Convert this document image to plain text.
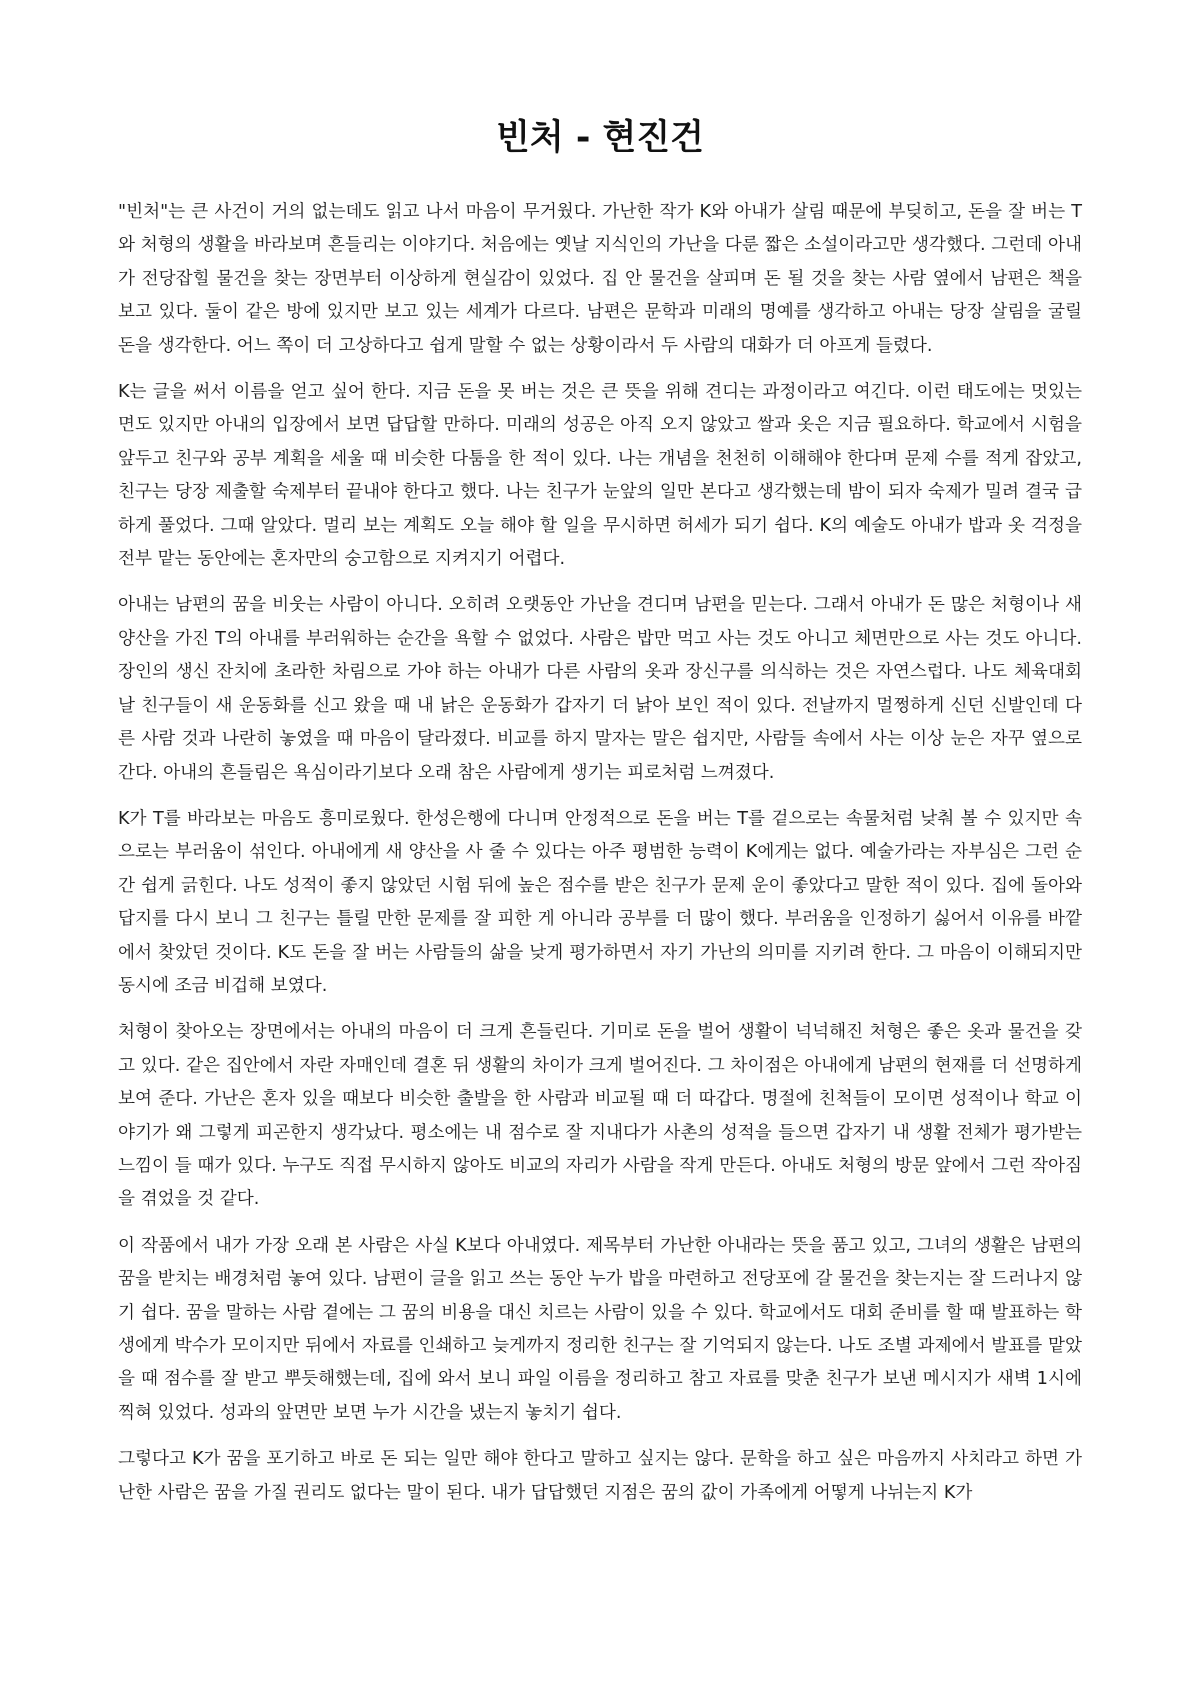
빈처 - 현진건

"빈처"는 큰 사건이 거의 없는데도 읽고 나서 마음이 무거웠다. 가난한 작가 K와 아내가 살림 때문에 부딪히고, 돈을 잘 버는 T와 처형의 생활을 바라보며 흔들리는 이야기다. 처음에는 옛날 지식인의 가난을 다룬 짧은 소설이라고만 생각했다. 그런데 아내가 전당잡힐 물건을 찾는 장면부터 이상하게 현실감이 있었다. 집 안 물건을 살피며 돈 될 것을 찾는 사람 옆에서 남편은 책을 보고 있다. 둘이 같은 방에 있지만 보고 있는 세계가 다르다. 남편은 문학과 미래의 명예를 생각하고 아내는 당장 살림을 굴릴 돈을 생각한다. 어느 쪽이 더 고상하다고 쉽게 말할 수 없는 상황이라서 두 사람의 대화가 더 아프게 들렸다.

K는 글을 써서 이름을 얻고 싶어 한다. 지금 돈을 못 버는 것은 큰 뜻을 위해 견디는 과정이라고 여긴다. 이런 태도에는 멋있는 면도 있지만 아내의 입장에서 보면 답답할 만하다. 미래의 성공은 아직 오지 않았고 쌀과 옷은 지금 필요하다. 학교에서 시험을 앞두고 친구와 공부 계획을 세울 때 비슷한 다툼을 한 적이 있다. 나는 개념을 천천히 이해해야 한다며 문제 수를 적게 잡았고, 친구는 당장 제출할 숙제부터 끝내야 한다고 했다. 나는 친구가 눈앞의 일만 본다고 생각했는데 밤이 되자 숙제가 밀려 결국 급하게 풀었다. 그때 알았다. 멀리 보는 계획도 오늘 해야 할 일을 무시하면 허세가 되기 쉽다. K의 예술도 아내가 밥과 옷 걱정을 전부 맡는 동안에는 혼자만의 숭고함으로 지켜지기 어렵다.

아내는 남편의 꿈을 비웃는 사람이 아니다. 오히려 오랫동안 가난을 견디며 남편을 믿는다. 그래서 아내가 돈 많은 처형이나 새 양산을 가진 T의 아내를 부러워하는 순간을 욕할 수 없었다. 사람은 밥만 먹고 사는 것도 아니고 체면만으로 사는 것도 아니다. 장인의 생신 잔치에 초라한 차림으로 가야 하는 아내가 다른 사람의 옷과 장신구를 의식하는 것은 자연스럽다. 나도 체육대회 날 친구들이 새 운동화를 신고 왔을 때 내 낡은 운동화가 갑자기 더 낡아 보인 적이 있다. 전날까지 멀쩡하게 신던 신발인데 다른 사람 것과 나란히 놓였을 때 마음이 달라졌다. 비교를 하지 말자는 말은 쉽지만, 사람들 속에서 사는 이상 눈은 자꾸 옆으로 간다. 아내의 흔들림은 욕심이라기보다 오래 참은 사람에게 생기는 피로처럼 느껴졌다.

K가 T를 바라보는 마음도 흥미로웠다. 한성은행에 다니며 안정적으로 돈을 버는 T를 겉으로는 속물처럼 낮춰 볼 수 있지만 속으로는 부러움이 섞인다. 아내에게 새 양산을 사 줄 수 있다는 아주 평범한 능력이 K에게는 없다. 예술가라는 자부심은 그런 순간 쉽게 긁힌다. 나도 성적이 좋지 않았던 시험 뒤에 높은 점수를 받은 친구가 문제 운이 좋았다고 말한 적이 있다. 집에 돌아와 답지를 다시 보니 그 친구는 틀릴 만한 문제를 잘 피한 게 아니라 공부를 더 많이 했다. 부러움을 인정하기 싫어서 이유를 바깥에서 찾았던 것이다. K도 돈을 잘 버는 사람들의 삶을 낮게 평가하면서 자기 가난의 의미를 지키려 한다. 그 마음이 이해되지만 동시에 조금 비겁해 보였다.

처형이 찾아오는 장면에서는 아내의 마음이 더 크게 흔들린다. 기미로 돈을 벌어 생활이 넉넉해진 처형은 좋은 옷과 물건을 갖고 있다. 같은 집안에서 자란 자매인데 결혼 뒤 생활의 차이가 크게 벌어진다. 그 차이점은 아내에게 남편의 현재를 더 선명하게 보여 준다. 가난은 혼자 있을 때보다 비슷한 출발을 한 사람과 비교될 때 더 따갑다. 명절에 친척들이 모이면 성적이나 학교 이야기가 왜 그렇게 피곤한지 생각났다. 평소에는 내 점수로 잘 지내다가 사촌의 성적을 들으면 갑자기 내 생활 전체가 평가받는 느낌이 들 때가 있다. 누구도 직접 무시하지 않아도 비교의 자리가 사람을 작게 만든다. 아내도 처형의 방문 앞에서 그런 작아짐을 겪었을 것 같다.

이 작품에서 내가 가장 오래 본 사람은 사실 K보다 아내였다. 제목부터 가난한 아내라는 뜻을 품고 있고, 그녀의 생활은 남편의 꿈을 받치는 배경처럼 놓여 있다. 남편이 글을 읽고 쓰는 동안 누가 밥을 마련하고 전당포에 갈 물건을 찾는지는 잘 드러나지 않기 쉽다. 꿈을 말하는 사람 곁에는 그 꿈의 비용을 대신 치르는 사람이 있을 수 있다. 학교에서도 대회 준비를 할 때 발표하는 학생에게 박수가 모이지만 뒤에서 자료를 인쇄하고 늦게까지 정리한 친구는 잘 기억되지 않는다. 나도 조별 과제에서 발표를 맡았을 때 점수를 잘 받고 뿌듯해했는데, 집에 와서 보니 파일 이름을 정리하고 참고 자료를 맞춘 친구가 보낸 메시지가 새벽 1시에 찍혀 있었다. 성과의 앞면만 보면 누가 시간을 냈는지 놓치기 쉽다.

그렇다고 K가 꿈을 포기하고 바로 돈 되는 일만 해야 한다고 말하고 싶지는 않다. 문학을 하고 싶은 마음까지 사치라고 하면 가난한 사람은 꿈을 가질 권리도 없다는 말이 된다. 내가 답답했던 지점은 꿈의 값이 가족에게 어떻게 나뉘는지 K가
